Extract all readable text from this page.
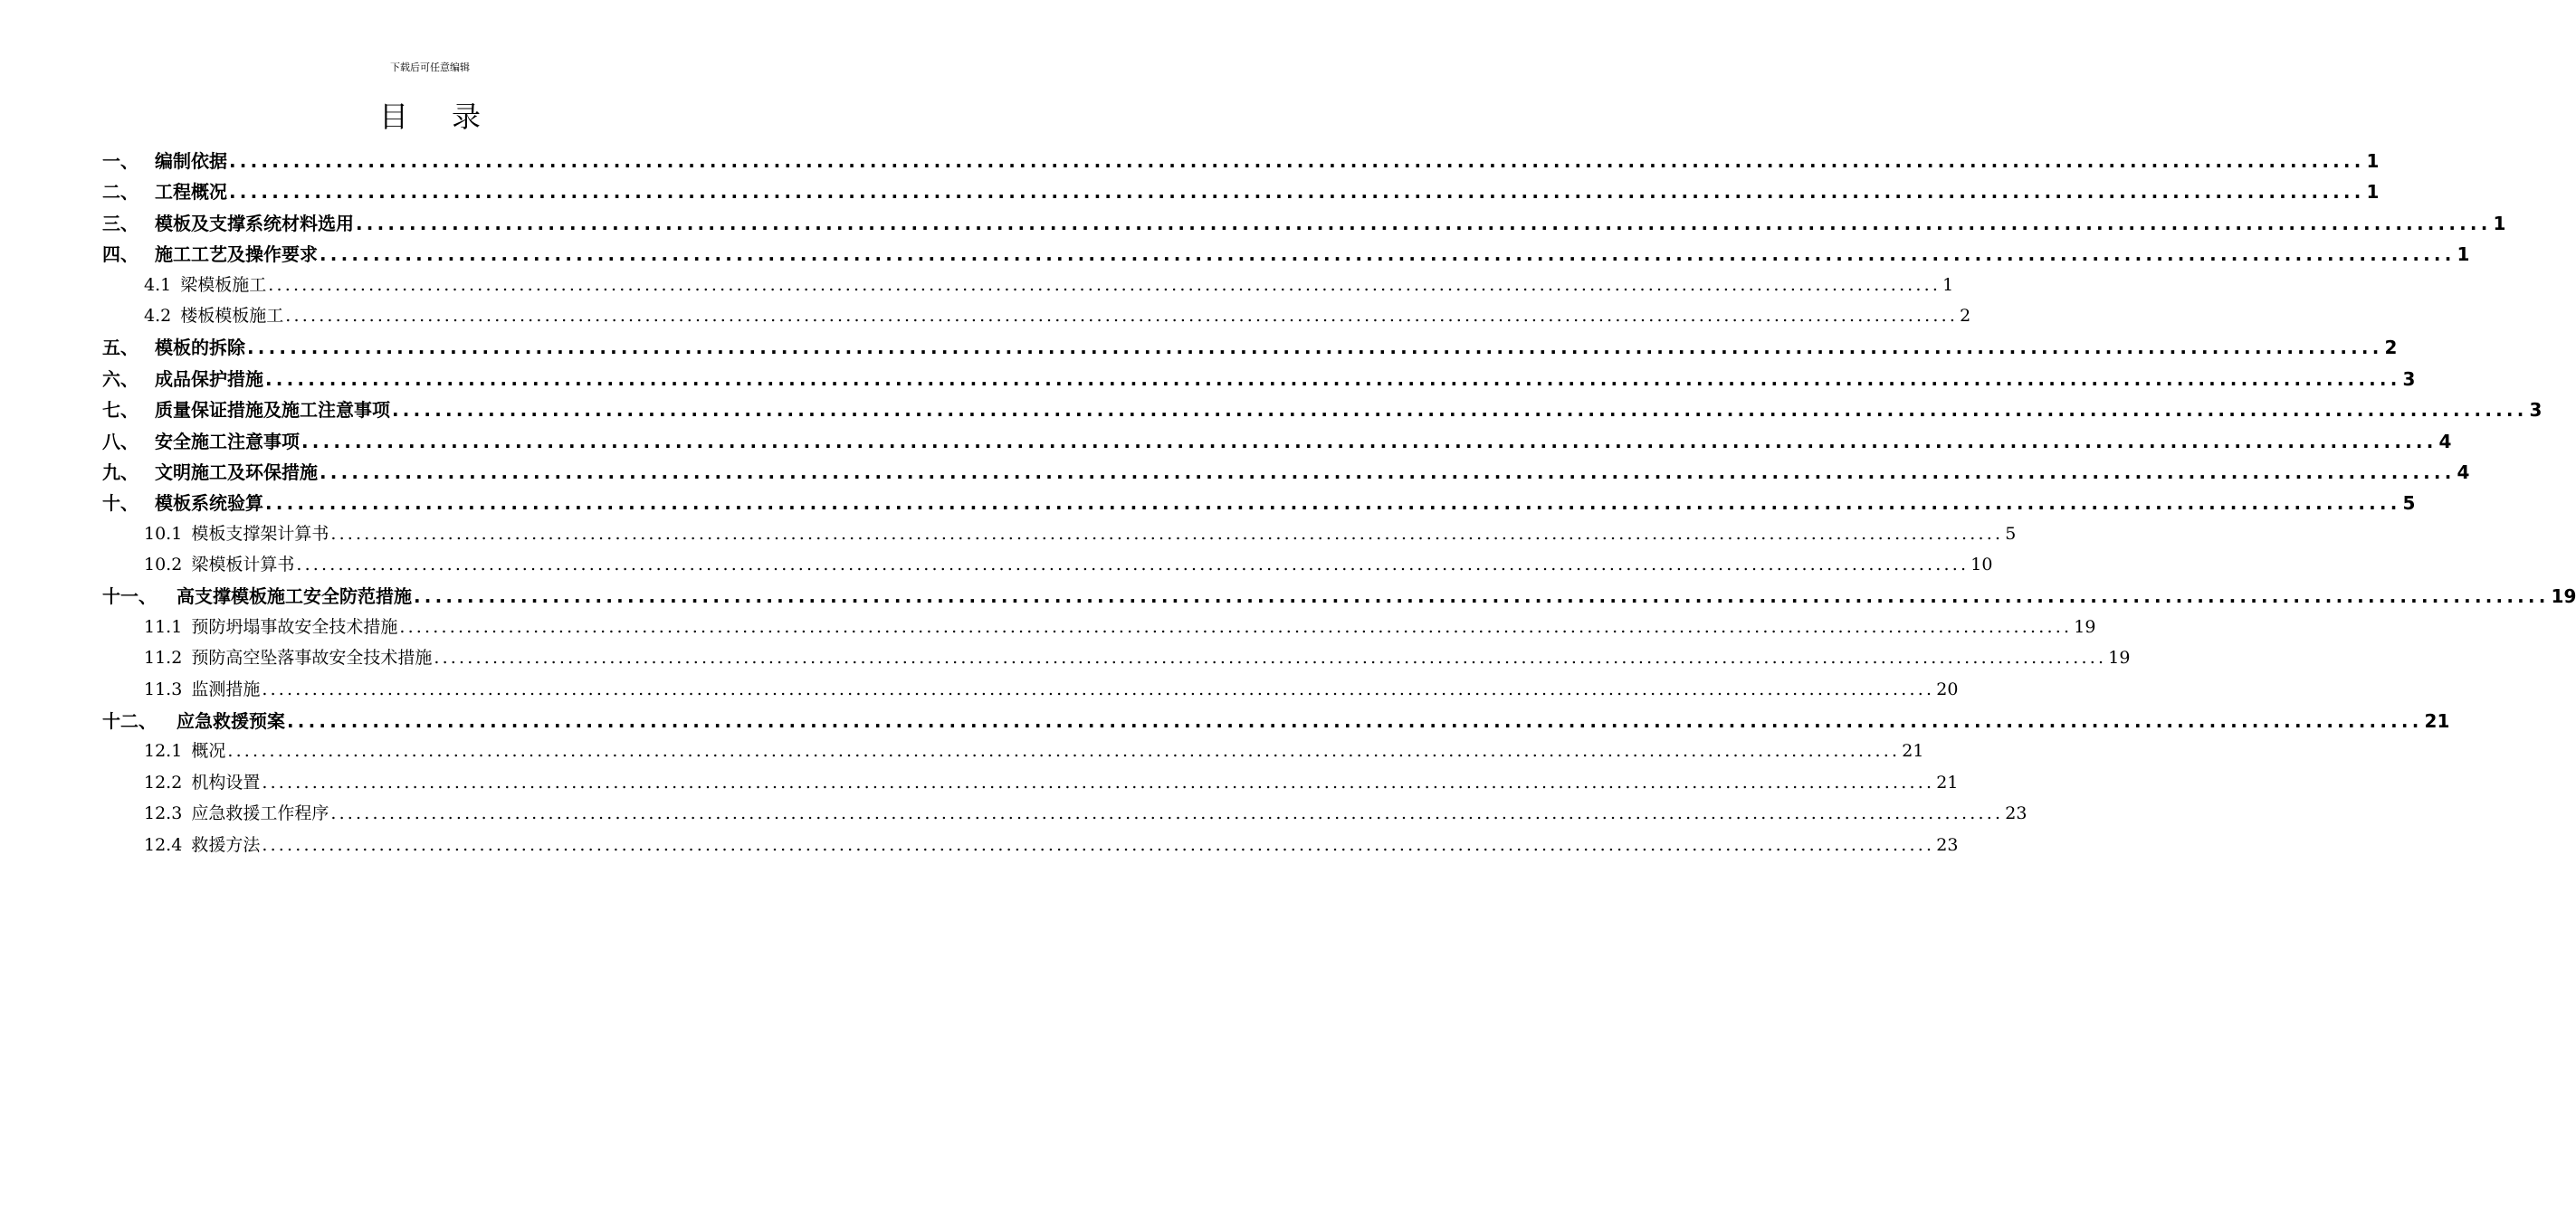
下载后可任意编辑
目录
一、 编制依据 ........................................................................................................................................................................................................ 1
二、 工程概况 ........................................................................................................................................................................................................ 1
三、 模板及支撑系统材料选用 ........................................................................................................................................................................................................ 1
四、 施工工艺及操作要求 ........................................................................................................................................................................................................ 1
4.1 梁模板施工 ........................................................................................................................................................................................................ 1
4.2 楼板模板施工 ........................................................................................................................................................................................................ 2
五、 模板的拆除 ........................................................................................................................................................................................................ 2
六、 成品保护措施 ........................................................................................................................................................................................................ 3
七、 质量保证措施及施工注意事项 ........................................................................................................................................................................................................ 3
八、 安全施工注意事项 ........................................................................................................................................................................................................ 4
九、 文明施工及环保措施 ........................................................................................................................................................................................................ 4
十、 模板系统验算 ........................................................................................................................................................................................................ 5
10.1 模板支撑架计算书 ........................................................................................................................................................................................................ 5
10.2 梁模板计算书 ........................................................................................................................................................................................................ 10
十一、	高支撑模板施工安全防范措施 ........................................................................................................................................................................................................ 19
11.1 预防坍塌事故安全技术措施 ........................................................................................................................................................................................................ 19
11.2 预防高空坠落事故安全技术措施 ........................................................................................................................................................................................................ 19
11.3 监测措施 ........................................................................................................................................................................................................ 20
十二、	应急救援预案 ........................................................................................................................................................................................................ 21
12.1 概况 ........................................................................................................................................................................................................ 21
12.2 机构设置 ........................................................................................................................................................................................................ 21
12.3 应急救援工作程序 ........................................................................................................................................................................................................ 23
12.4 救援方法 ........................................................................................................................................................................................................ 23
